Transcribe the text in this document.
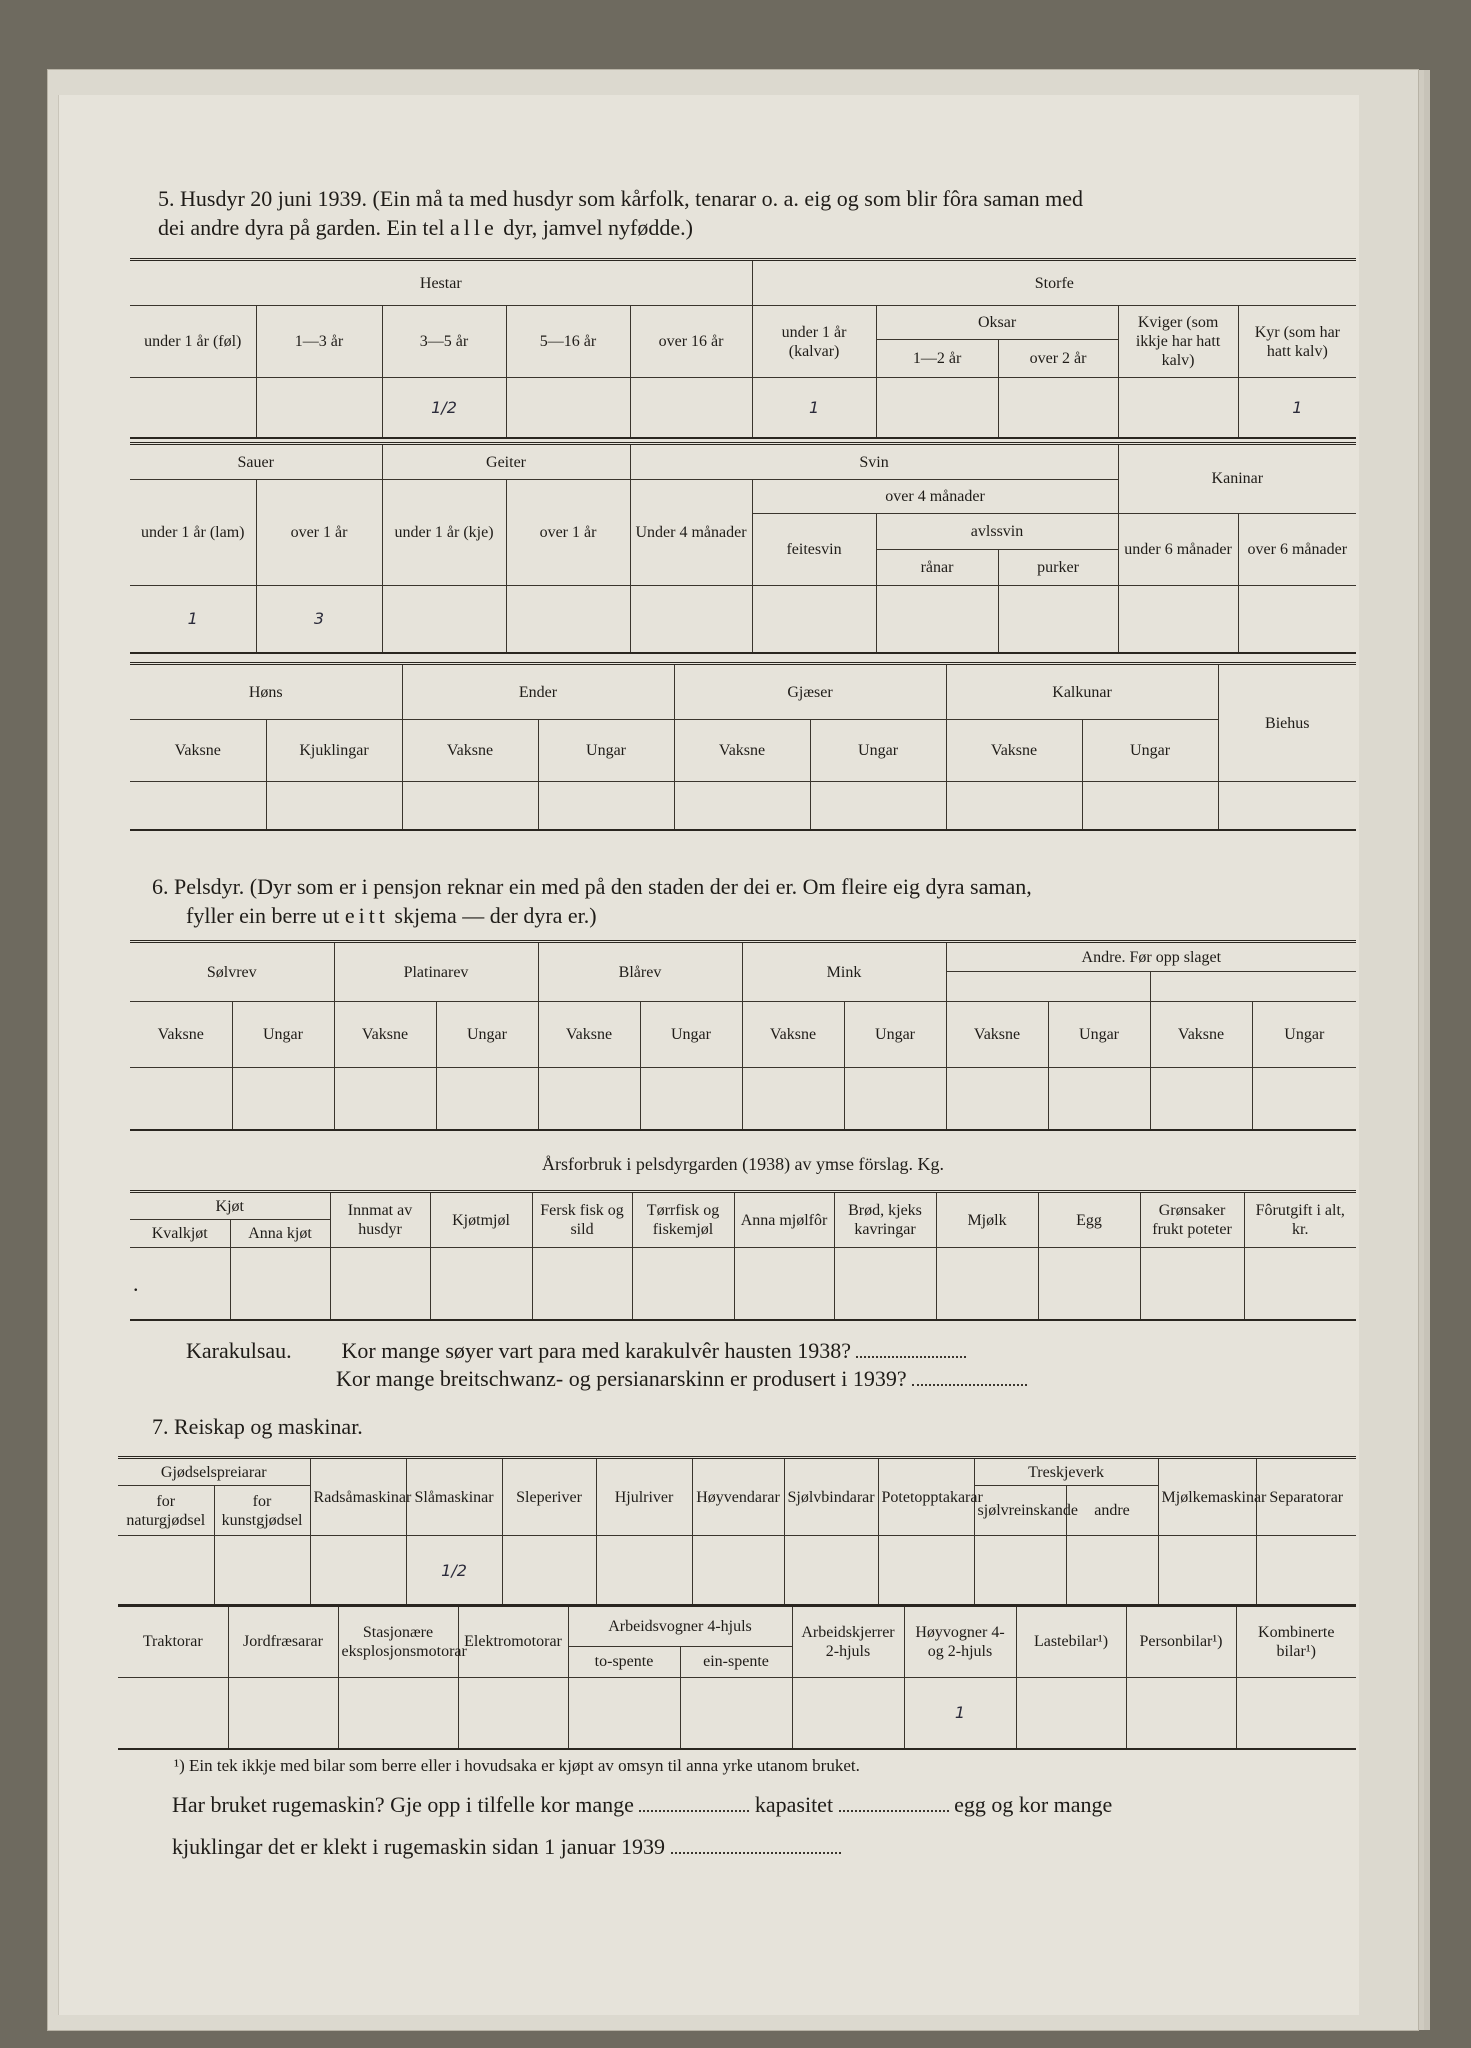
5. Husdyr 20 juni 1939. (Ein må ta med husdyr som kårfolk, tenarar o. a. eig og som blir fôra saman med

dei andre dyra på garden. Ein tel alle dyr, jamvel nyfødde.)

Hestar					Storfe				
under 1 år (føl)	1—3 år	3—5 år	5—16 år	over 16 år	under 1 år (kalvar)	Oksar		Kviger (som ikkje har hatt kalv)	Kyr (som har hatt kalv)
						1—2 år	over 2 år		
		1/2			1				1
Sauer		Geiter		Svin				Kaninar	
under 1 år (lam)	over 1 år	under 1 år (kje)	over 1 år	Under 4 månader	over 4 månader				
					feitesvin	avlssvin		under 6 månader	over 6 månader
						rånar	purker		
1	3								
Høns		Ender		Gjæser		Kalkunar		Biehus
Vaksne	Kjuklingar	Vaksne	Ungar	Vaksne	Ungar	Vaksne	Ungar	

6. Pelsdyr. (Dyr som er i pensjon reknar ein med på den staden der dei er. Om fleire eig dyra saman,

fyller ein berre ut eitt skjema — der dyra er.)

Sølvrev		Platinarev		Blårev		Mink		Andre. Før opp slaget			

Vaksne	Ungar	Vaksne	Ungar	Vaksne	Ungar	Vaksne	Ungar	Vaksne	Ungar	Vaksne	Ungar

Årsforbruk i pelsdyrgarden (1938) av ymse förslag. Kg.
Kjøt		Innmat av husdyr	Kjøtmjøl	Fersk fisk og sild	Tørrfisk og fiskemjøl	Anna mjølfôr	Brød, kjeks kavringar	Mjølk	Egg	Grønsaker frukt poteter	Fôrutgift i alt, kr.
Kvalkjøt	Anna kjøt										
.											
Karakulsau. Kor mange søyer vart para med karakulvêr hausten 1938?
Kor mange breitschwanz- og persianarskinn er produsert i 1939?

7. Reiskap og maskinar.

Gjødselspreiarar		Radsåmaskinar	Slåmaskinar	Sleperiver	Hjulriver	Høyvendarar	Sjølvbindarar	Potetopptakarar	Treskjeverk		Mjølkemaskinar	Separatorar
for naturgjødsel	for kunstgjødsel								sjølvreinskande	andre		
			1/2									
Traktorar	Jordfræsarar	Stasjonære eksplosjonsmotorar	Elektromotorar	Arbeidsvogner 4-hjuls		Arbeidskjerrer 2-hjuls	Høyvogner 4- og 2-hjuls	Lastebilar¹)	Personbilar¹)	Kombinerte bilar¹)
				to-spente	ein-spente					
							1			
¹) Ein tek ikkje med bilar som berre eller i hovudsaka er kjøpt av omsyn til anna yrke utanom bruket.
Har bruket rugemaskin? Gje opp i tilfelle kor mange	kapasitet	egg og kor mange
kjuklingar det er klekt i rugemaskin sidan 1 januar 1939
